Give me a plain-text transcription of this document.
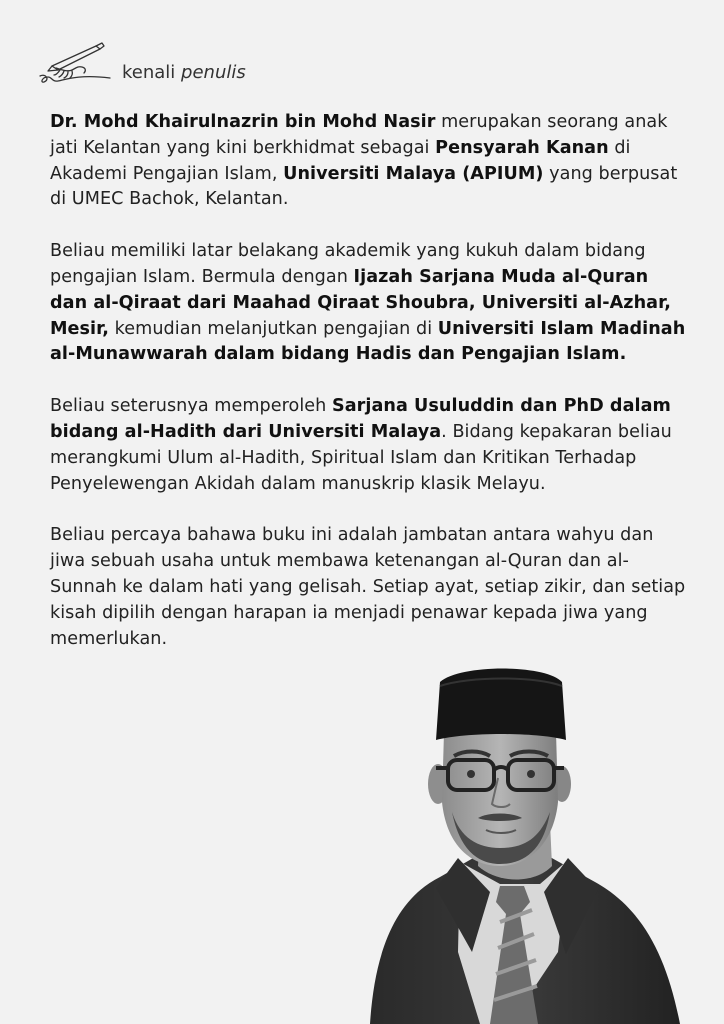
kenali penulis

Dr. Mohd Khairulnazrin bin Mohd Nasir merupakan seorang anak jati Kelantan yang kini berkhidmat sebagai Pensyarah Kanan di Akademi Pengajian Islam, Universiti Malaya (APIUM) yang berpusat di UMEC Bachok, Kelantan.

Beliau memiliki latar belakang akademik yang kukuh dalam bidang pengajian Islam. Bermula dengan Ijazah Sarjana Muda al-Quran dan al-Qiraat dari Maahad Qiraat Shoubra, Universiti al-Azhar, Mesir, kemudian melanjutkan pengajian di Universiti Islam Madinah al-Munawwarah dalam bidang Hadis dan Pengajian Islam.

Beliau seterusnya memperoleh Sarjana Usuluddin dan PhD dalam bidang al-Hadith dari Universiti Malaya. Bidang kepakaran beliau merangkumi Ulum al-Hadith, Spiritual Islam dan Kritikan Terhadap Penyelewengan Akidah dalam manuskrip klasik Melayu.

Beliau percaya bahawa buku ini adalah jambatan antara wahyu dan jiwa sebuah usaha untuk membawa ketenangan al-Quran dan al-Sunnah ke dalam hati yang gelisah. Setiap ayat, setiap zikir, dan setiap kisah dipilih dengan harapan ia menjadi penawar kepada jiwa yang memerlukan.
